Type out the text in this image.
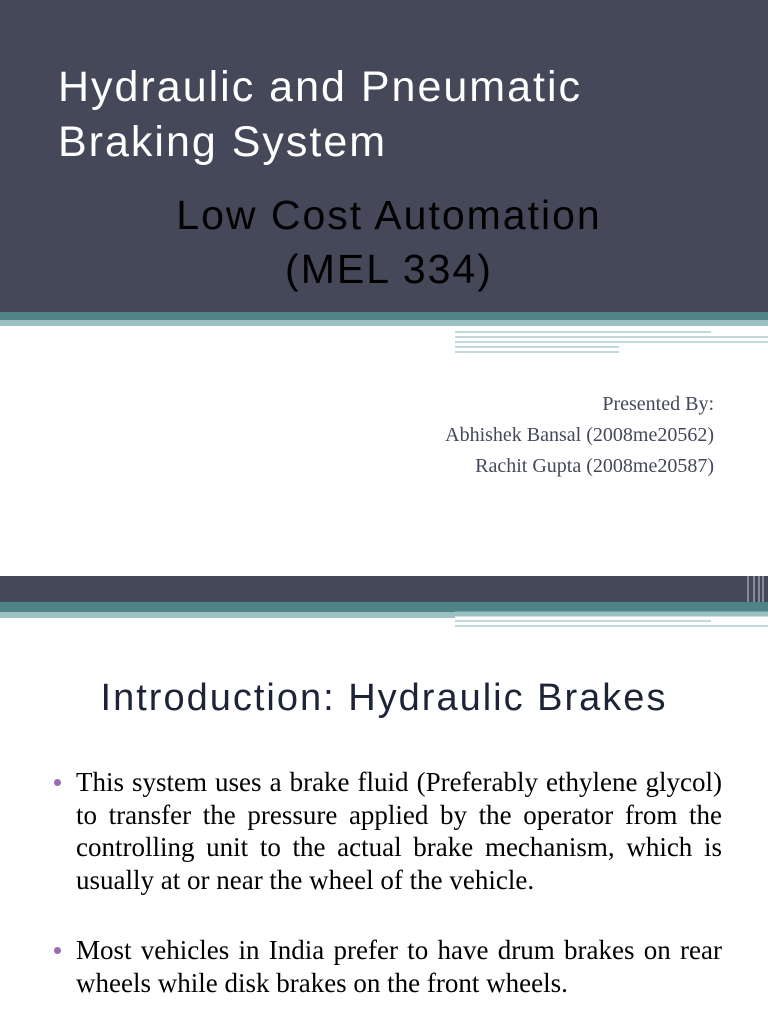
Hydraulic and Pneumatic Braking System
Low Cost Automation
(MEL 334)
Presented By:
Abhishek Bansal (2008me20562)
Rachit Gupta (2008me20587)
Introduction: Hydraulic Brakes
This system uses a brake fluid (Preferably ethylene glycol) to transfer the pressure applied by the operator from the controlling unit to the actual brake mechanism, which is usually at or near the wheel of the vehicle.
Most vehicles in India prefer to have drum brakes on rear wheels while disk brakes on the front wheels.
